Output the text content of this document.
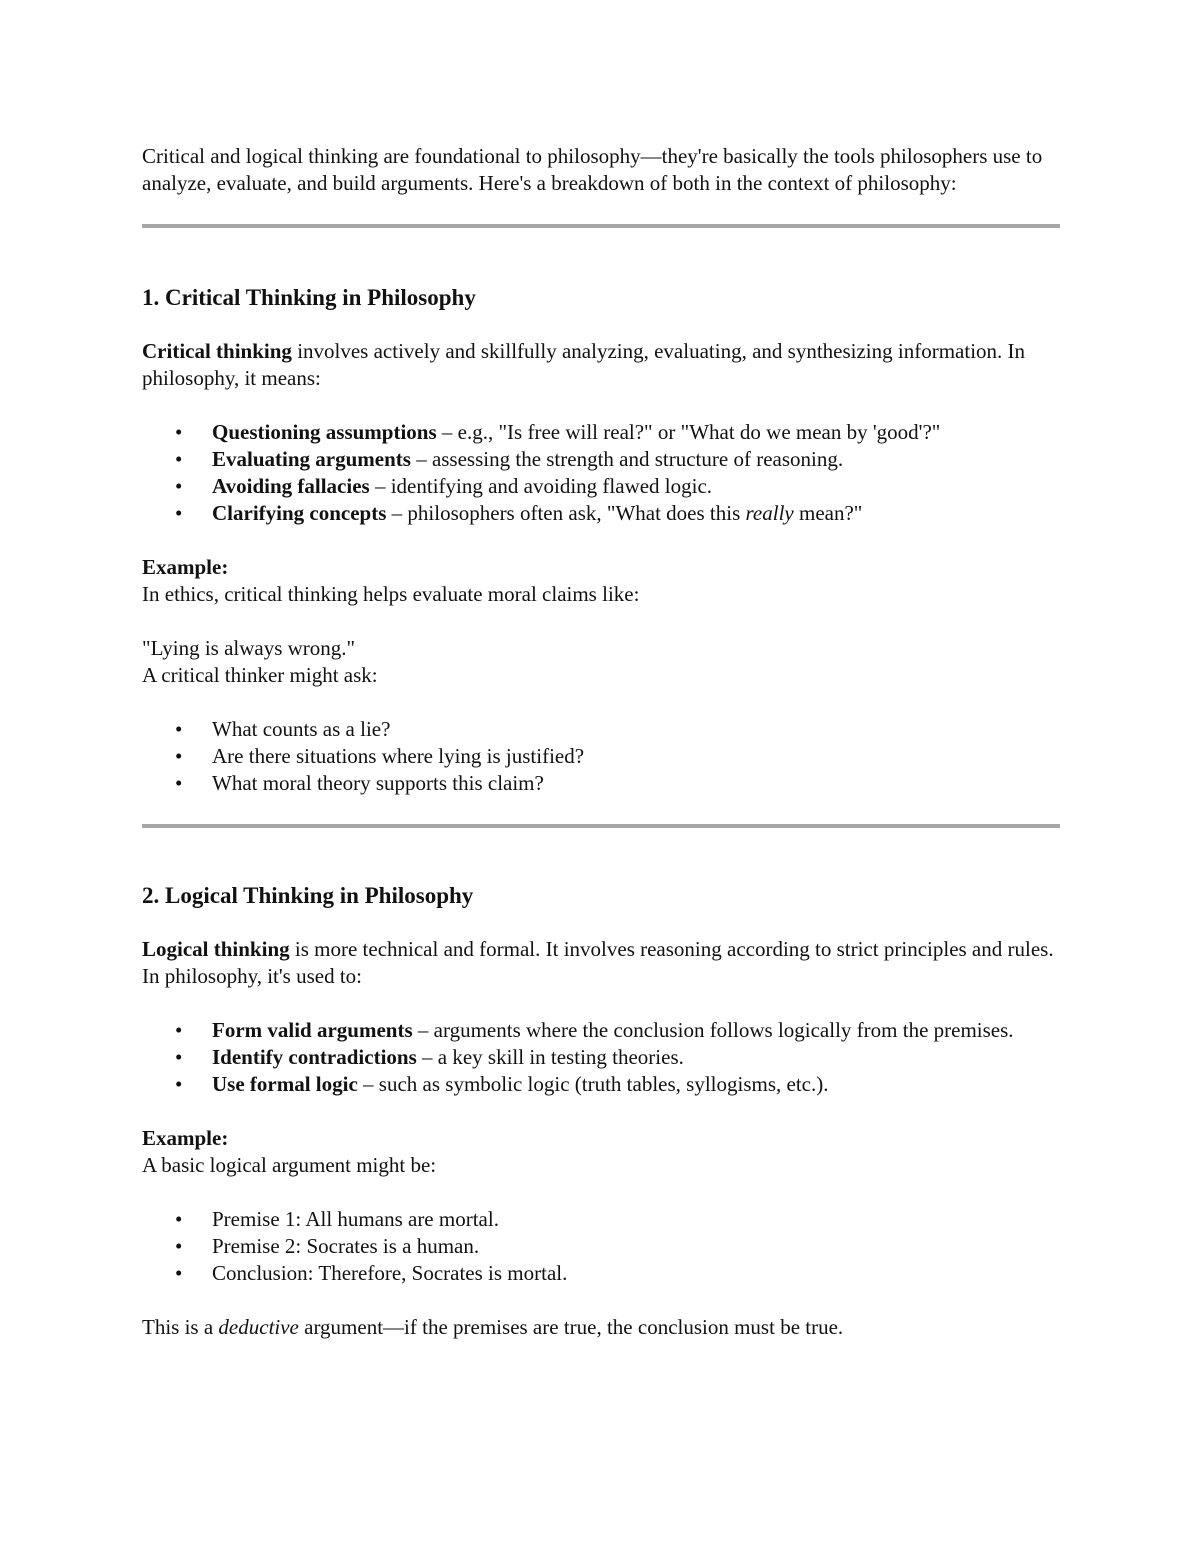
Critical and logical thinking are foundational to philosophy—they're basically the tools philosophers use to analyze, evaluate, and build arguments. Here's a breakdown of both in the context of philosophy:

1. Critical Thinking in Philosophy

Critical thinking involves actively and skillfully analyzing, evaluating, and synthesizing information. In philosophy, it means:

• Questioning assumptions – e.g., "Is free will real?" or "What do we mean by 'good'?"
• Evaluating arguments – assessing the strength and structure of reasoning.
• Avoiding fallacies – identifying and avoiding flawed logic.
• Clarifying concepts – philosophers often ask, "What does this really mean?"

Example:

In ethics, critical thinking helps evaluate moral claims like:

"Lying is always wrong."

A critical thinker might ask:

• What counts as a lie?
• Are there situations where lying is justified?
• What moral theory supports this claim?
2. Logical Thinking in Philosophy

Logical thinking is more technical and formal. It involves reasoning according to strict principles and rules. In philosophy, it's used to:

• Form valid arguments – arguments where the conclusion follows logically from the premises.
• Identify contradictions – a key skill in testing theories.
• Use formal logic – such as symbolic logic (truth tables, syllogisms, etc.).

Example:

A basic logical argument might be:

• Premise 1: All humans are mortal.
• Premise 2: Socrates is a human.
• Conclusion: Therefore, Socrates is mortal.

This is a deductive argument—if the premises are true, the conclusion must be true.
